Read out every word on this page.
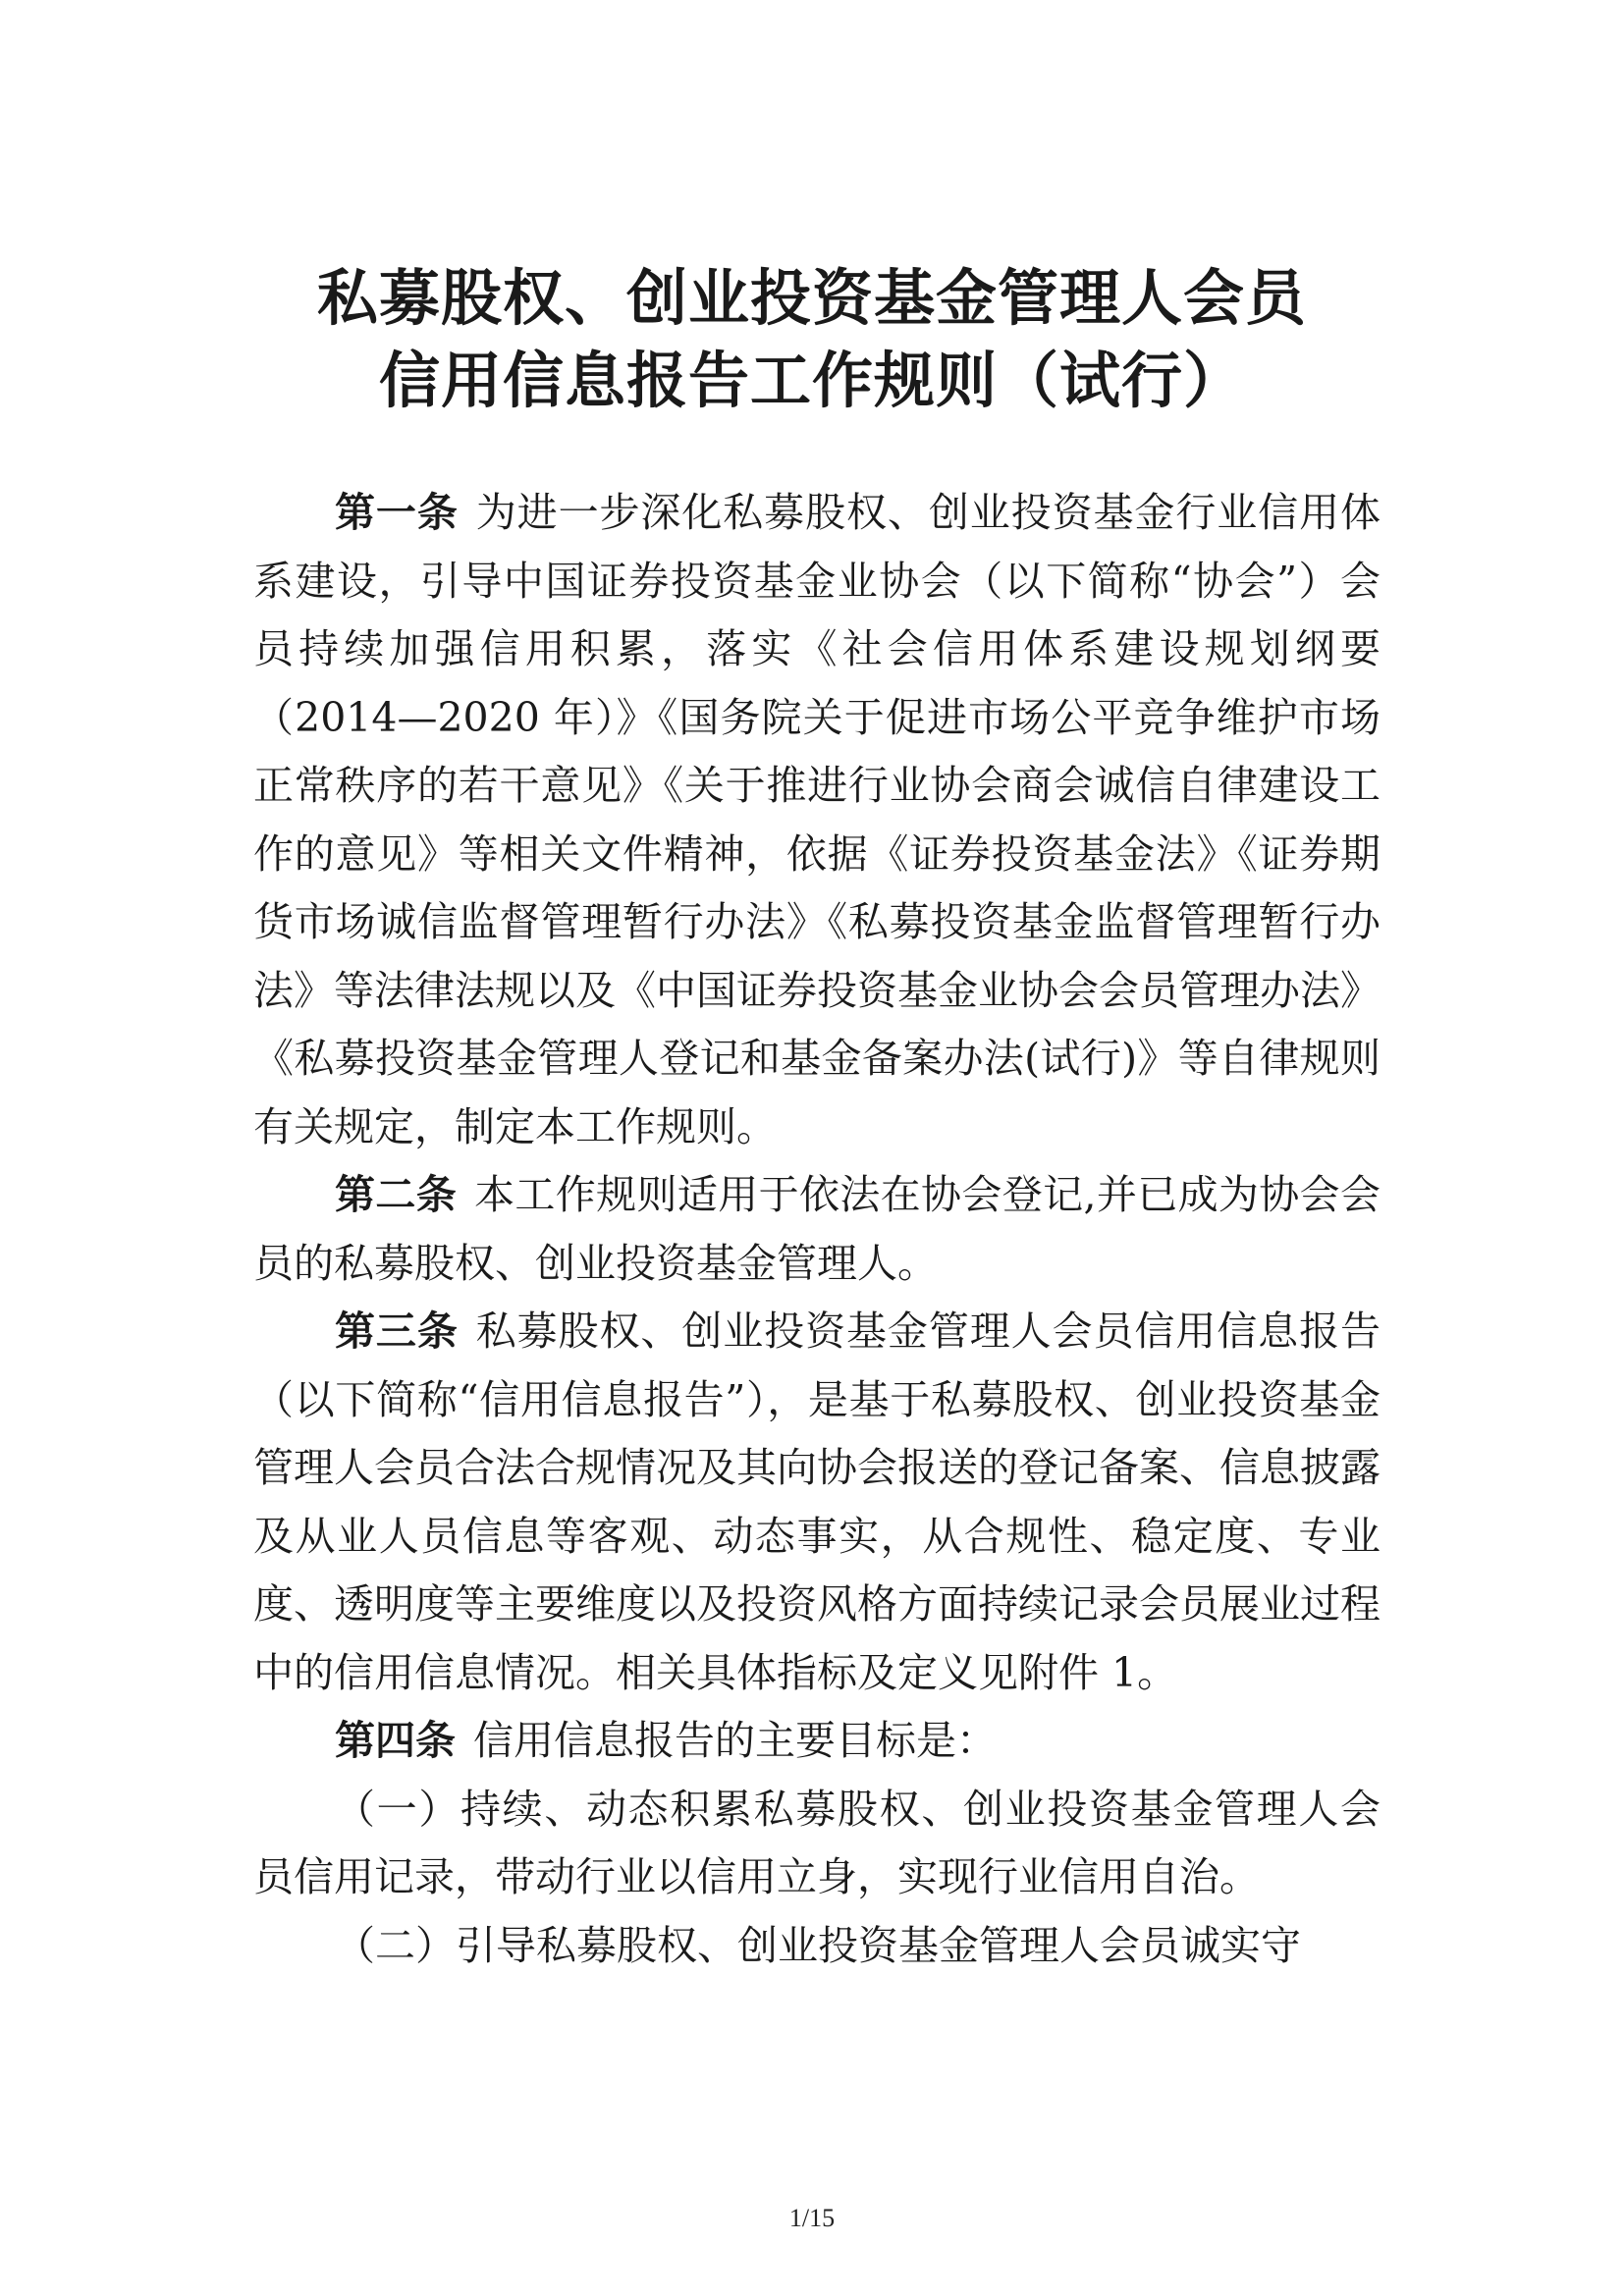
私募股权、创业投资基金管理人会员
信用信息报告工作规则（试行）

第一条 为进一步深化私募股权、创业投资基金行业信用体系建设，引导中国证券投资基金业协会（以下简称“协会”）会员持续加强信用积累，落实《社会信用体系建设规划纲要（2014—2020 年）》《国务院关于促进市场公平竞争维护市场正常秩序的若干意见》《关于推进行业协会商会诚信自律建设工作的意见》等相关文件精神，依据《证券投资基金法》《证券期货市场诚信监督管理暂行办法》《私募投资基金监督管理暂行办法》等法律法规以及《中国证券投资基金业协会会员管理办法》《私募投资基金管理人登记和基金备案办法(试行)》等自律规则有关规定，制定本工作规则。

第二条 本工作规则适用于依法在协会登记,并已成为协会会员的私募股权、创业投资基金管理人。

第三条 私募股权、创业投资基金管理人会员信用信息报告（以下简称“信用信息报告”），是基于私募股权、创业投资基金管理人会员合法合规情况及其向协会报送的登记备案、信息披露及从业人员信息等客观、动态事实，从合规性、稳定度、专业度、透明度等主要维度以及投资风格方面持续记录会员展业过程中的信用信息情况。相关具体指标及定义见附件 1。

第四条 信用信息报告的主要目标是：

（一）持续、动态积累私募股权、创业投资基金管理人会员信用记录，带动行业以信用立身，实现行业信用自治。

（二）引导私募股权、创业投资基金管理人会员诚实守

1/15
